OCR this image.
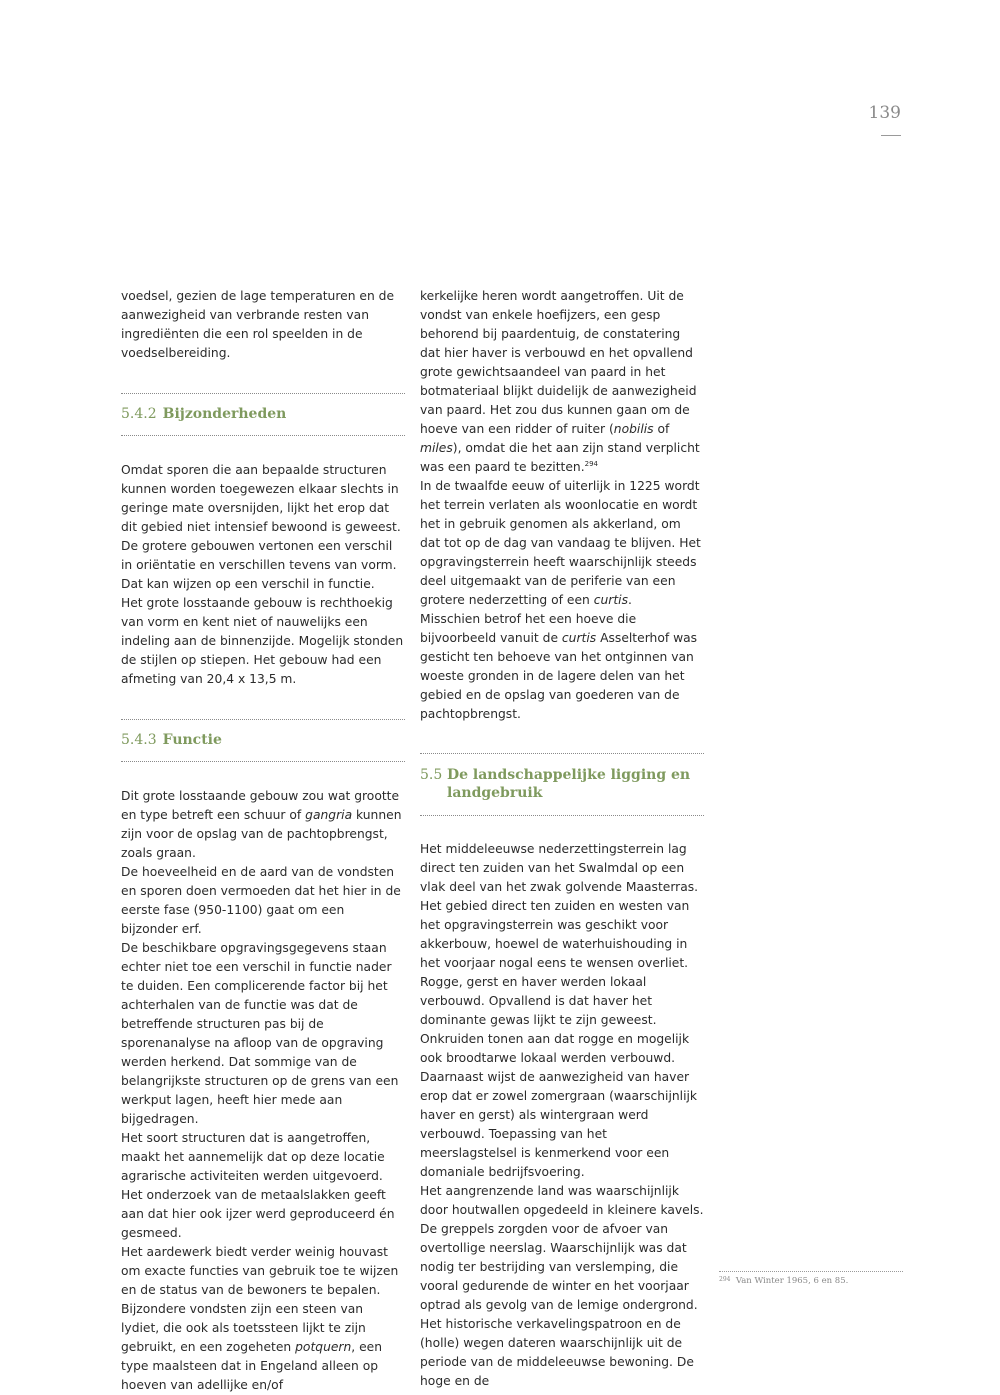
139

voedsel, gezien de lage temperaturen en de aanwezigheid van verbrande resten van ingrediënten die een rol speelden in de voedselbereiding.

5.4.2 Bijzonderheden

Omdat sporen die aan bepaalde structuren kunnen worden toegewezen elkaar slechts in geringe mate oversnijden, lijkt het erop dat dit gebied niet intensief bewoond is geweest.

De grotere gebouwen vertonen een verschil in oriëntatie en verschillen tevens van vorm. Dat kan wijzen op een verschil in functie.

Het grote losstaande gebouw is rechthoekig van vorm en kent niet of nauwelijks een indeling aan de binnenzijde. Mogelijk stonden de stijlen op stiepen. Het gebouw had een afmeting van 20,4 x 13,5 m.

5.4.3 Functie

Dit grote losstaande gebouw zou wat grootte en type betreft een schuur of gangria kunnen zijn voor de opslag van de pachtopbrengst, zoals graan.

De hoeveelheid en de aard van de vondsten en sporen doen vermoeden dat het hier in de eerste fase (950-1100) gaat om een bijzonder erf.

De beschikbare opgravingsgegevens staan echter niet toe een verschil in functie nader te duiden. Een complicerende factor bij het achterhalen van de functie was dat de betreffende structuren pas bij de sporenanalyse na afloop van de opgraving werden herkend. Dat sommige van de belangrijkste structuren op de grens van een werkput lagen, heeft hier mede aan bijgedragen.

Het soort structuren dat is aangetroffen, maakt het aannemelijk dat op deze locatie agrarische activiteiten werden uitgevoerd. Het onderzoek van de metaalslakken geeft aan dat hier ook ijzer werd geproduceerd én gesmeed.

Het aardewerk biedt verder weinig houvast om exacte functies van gebruik toe te wijzen en de status van de bewoners te bepalen.

Bijzondere vondsten zijn een steen van lydiet, die ook als toetssteen lijkt te zijn gebruikt, en een zogeheten potquern, een type maalsteen dat in Engeland alleen op hoeven van adellijke en/of

kerkelijke heren wordt aangetroffen. Uit de vondst van enkele hoefijzers, een gesp behorend bij paardentuig, de constatering dat hier haver is verbouwd en het opvallend grote gewichtsaandeel van paard in het botmateriaal blijkt duidelijk de aanwezigheid van paard. Het zou dus kunnen gaan om de hoeve van een ridder of ruiter (nobilis of miles), omdat die het aan zijn stand verplicht was een paard te bezitten.$^{294}$

In de twaalfde eeuw of uiterlijk in 1225 wordt het terrein verlaten als woonlocatie en wordt het in gebruik genomen als akkerland, om dat tot op de dag van vandaag te blijven. Het opgravingsterrein heeft waarschijnlijk steeds deel uitgemaakt van de periferie van een grotere nederzetting of een curtis.

Misschien betrof het een hoeve die bijvoorbeeld vanuit de curtis Asselterhof was gesticht ten behoeve van het ontginnen van woeste gronden in de lagere delen van het gebied en de opslag van goederen van de pachtopbrengst.

5.5 De landschappelijke ligging en
landgebruik

Het middeleeuwse nederzettingsterrein lag direct ten zuiden van het Swalmdal op een vlak deel van het zwak golvende Maasterras. Het gebied direct ten zuiden en westen van het opgravingsterrein was geschikt voor akkerbouw, hoewel de waterhuishouding in het voorjaar nogal eens te wensen overliet. Rogge, gerst en haver werden lokaal verbouwd. Opvallend is dat haver het dominante gewas lijkt te zijn geweest. Onkruiden tonen aan dat rogge en mogelijk ook broodtarwe lokaal werden verbouwd. Daarnaast wijst de aanwezigheid van haver erop dat er zowel zomergraan (waarschijnlijk haver en gerst) als wintergraan werd verbouwd. Toepassing van het meerslagstelsel is kenmerkend voor een domaniale bedrijfsvoering.

Het aangrenzende land was waarschijnlijk door houtwallen opgedeeld in kleinere kavels. De greppels zorgden voor de afvoer van overtollige neerslag. Waarschijnlijk was dat nodig ter bestrijding van verslemping, die vooral gedurende de winter en het voorjaar optrad als gevolg van de lemige ondergrond.

Het historische verkavelingspatroon en de (holle) wegen dateren waarschijnlijk uit de periode van de middeleeuwse bewoning. De hoge en de

$^{294}$ Van Winter 1965, 6 en 85.
